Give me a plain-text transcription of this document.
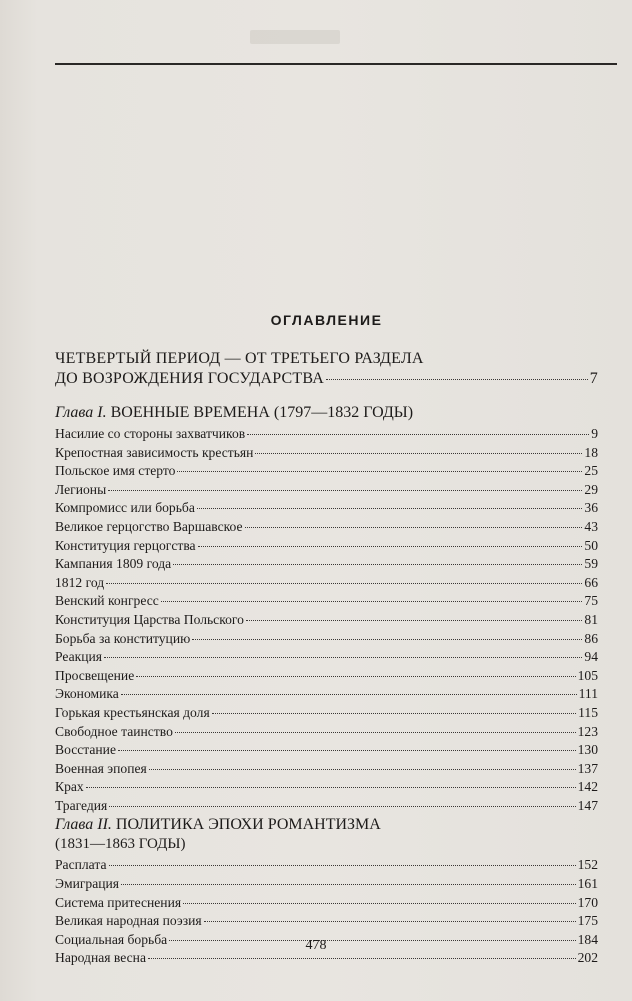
ОГЛАВЛЕНИЕ
ЧЕТВЕРТЫЙ ПЕРИОД — ОТ ТРЕТЬЕГО РАЗДЕЛА
ДО ВОЗРОЖДЕНИЯ ГОСУДАРСТВА	7
Глава I. ВОЕННЫЕ ВРЕМЕНА (1797—1832 ГОДЫ)
Насилие со стороны захватчиков	9
Крепостная зависимость крестьян	18
Польское имя стерто	25
Легионы	29
Компромисс или борьба	36
Великое герцогство Варшавское	43
Конституция герцогства	50
Кампания 1809 года	59
1812 год	66
Венский конгресс	75
Конституция Царства Польского	81
Борьба за конституцию	86
Реакция	94
Просвещение	105
Экономика	111
Горькая крестьянская доля	115
Свободное таинство	123
Восстание	130
Военная эпопея	137
Крах	142
Трагедия	147
Глава II. ПОЛИТИКА ЭПОХИ РОМАНТИЗМА
(1831—1863 ГОДЫ)
Расплата	152
Эмиграция	161
Система притеснения	170
Великая народная поэзия	175
Социальная борьба	184
Народная весна	202
478
